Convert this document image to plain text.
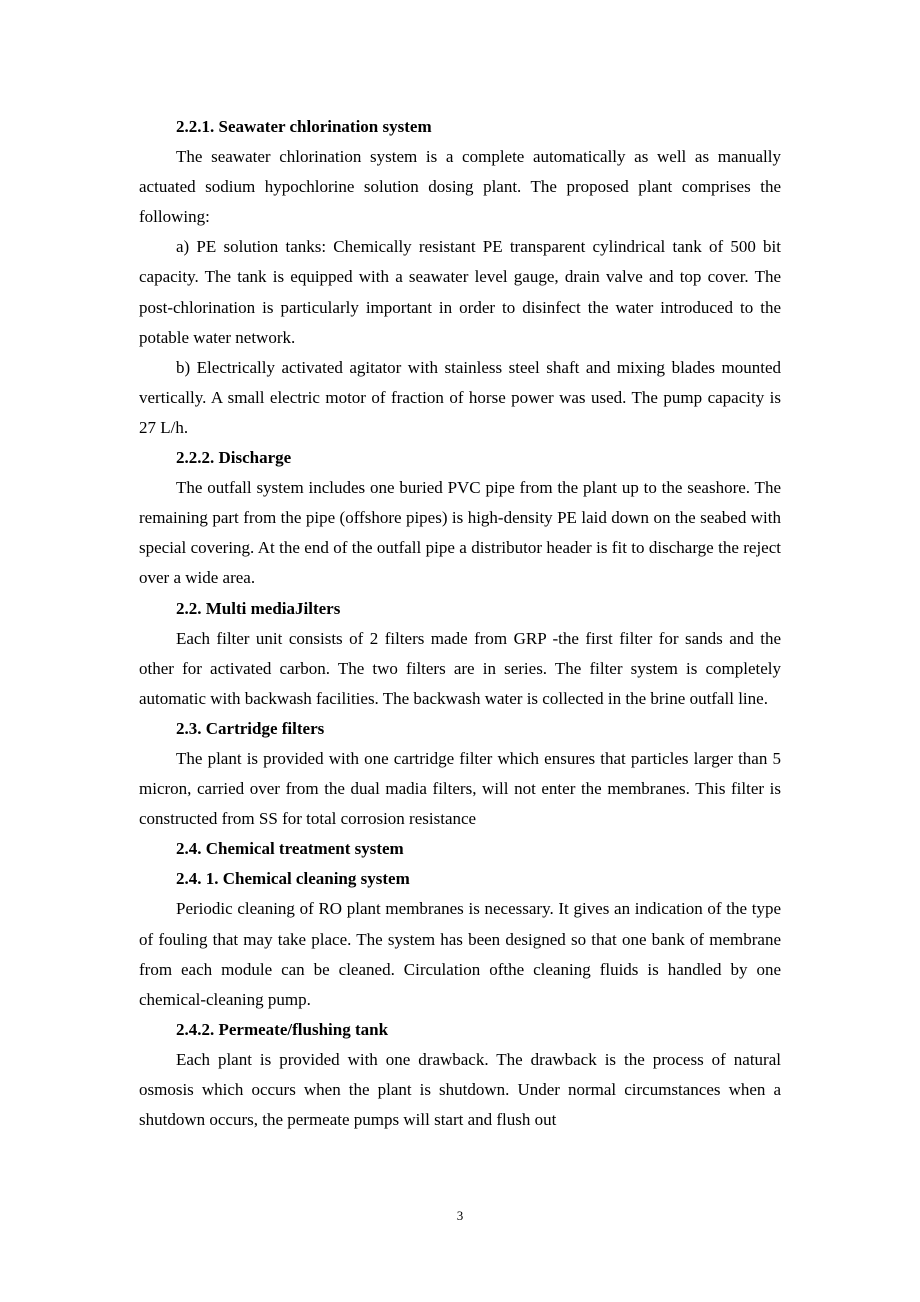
2.2.1. Seawater chlorination system

The seawater chlorination system is a complete automatically as well as manually actuated sodium hypochlorine solution dosing plant. The proposed plant comprises the following:

a) PE solution tanks: Chemically resistant PE transparent cylindrical tank of 500 bit capacity. The tank is equipped with a seawater level gauge, drain valve and top cover. The post-chlorination is particularly important in order to disinfect the water introduced to the potable water network.

b) Electrically activated agitator with stainless steel shaft and mixing blades mounted vertically. A small electric motor of fraction of horse power was used. The pump capacity is 27 L/h.

2.2.2. Discharge

The outfall system includes one buried PVC pipe from the plant up to the seashore. The remaining part from the pipe (offshore pipes) is high-density PE laid down on the seabed with special covering. At the end of the outfall pipe a distributor header is fit to discharge the reject over a wide area.

2.2. Multi mediaJilters

Each filter unit consists of 2 filters made from GRP -the first filter for sands and the other for activated carbon. The two filters are in series. The filter system is completely automatic with backwash facilities. The backwash water is collected in the brine outfall line.

2.3. Cartridge filters

The plant is provided with one cartridge filter which ensures that particles larger than 5 micron, carried over from the dual madia filters, will not enter the membranes. This filter is constructed from SS for total corrosion resistance

2.4. Chemical treatment system

2.4. 1. Chemical cleaning system

Periodic cleaning of RO plant membranes is necessary. It gives an indication of the type of fouling that may take place. The system has been designed so that one bank of membrane from each module can be cleaned. Circulation ofthe cleaning fluids is handled by one chemical-cleaning pump.

2.4.2. Permeate/flushing tank

Each plant is provided with one drawback. The drawback is the process of natural osmosis which occurs when the plant is shutdown. Under normal circumstances when a shutdown occurs, the permeate pumps will start and flush out

3
